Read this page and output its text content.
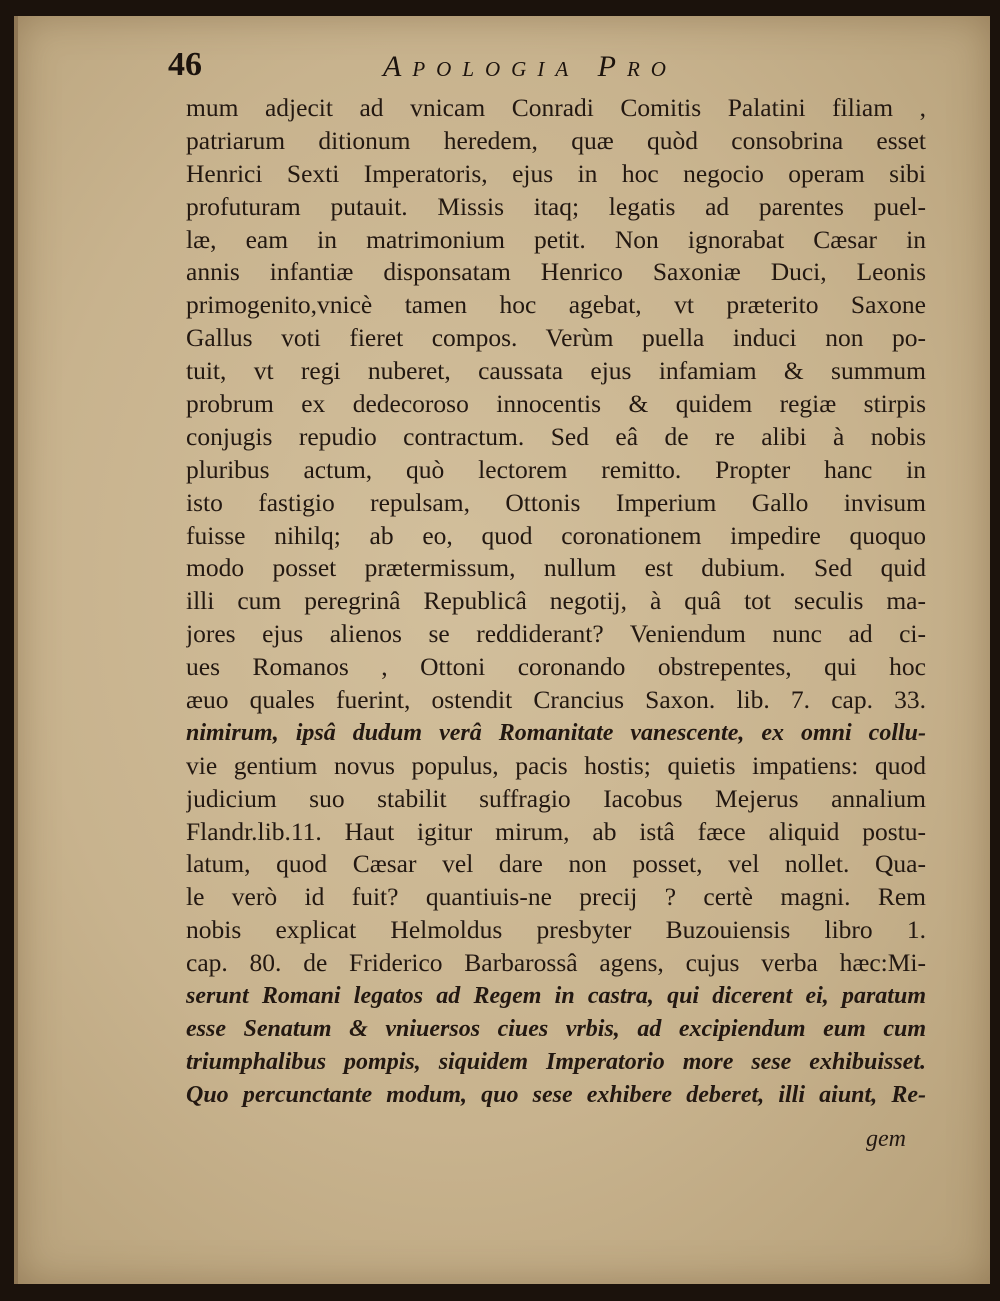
46	Apologia Pro
mum adjecit ad vnicam Conradi Comitis Palatini filiam ,
patriarum ditionum heredem, quæ quòd consobrina esset
Henrici Sexti Imperatoris, ejus in hoc negocio operam sibi
profuturam putauit. Missis itaq; legatis ad parentes puel-
læ, eam in matrimonium petit. Non ignorabat Cæsar in
annis infantiæ disponsatam Henrico Saxoniæ Duci, Leonis
primogenito,vnicè tamen hoc agebat, vt præterito Saxone
Gallus voti fieret compos. Verùm puella induci non po-
tuit, vt regi nuberet, caussata ejus infamiam & summum
probrum ex dedecoroso innocentis & quidem regiæ stirpis
conjugis repudio contractum. Sed eâ de re alibi à nobis
pluribus actum, quò lectorem remitto. Propter hanc in
isto fastigio repulsam, Ottonis Imperium Gallo invisum
fuisse nihilq; ab eo, quod coronationem impedire quoquo
modo posset prætermissum, nullum est dubium. Sed quid
illi cum peregrinâ Republicâ negotij, à quâ tot seculis ma-
jores ejus alienos se reddiderant? Veniendum nunc ad ci-
ues Romanos , Ottoni coronando obstrepentes, qui hoc
æuo quales fuerint, ostendit Crancius Saxon. lib. 7. cap. 33.
nimirum, ipsâ dudum verâ Romanitate vanescente, ex omni collu-
vie gentium novus populus, pacis hostis; quietis impatiens: quod
judicium suo stabilit suffragio Iacobus Mejerus annalium
Flandr.lib.11. Haut igitur mirum, ab istâ fæce aliquid postu-
latum, quod Cæsar vel dare non posset, vel nollet. Qua-
le verò id fuit? quantiuis-ne precij ? certè magni. Rem
nobis explicat Helmoldus presbyter Buzouiensis libro 1.
cap. 80. de Friderico Barbarossâ agens, cujus verba hæc:Mi-
serunt Romani legatos ad Regem in castra, qui dicerent ei, paratum
esse Senatum & vniuersos ciues vrbis, ad excipiendum eum cum
triumphalibus pompis, siquidem Imperatorio more sese exhibuisset.
Quo percunctante modum, quo sese exhibere deberet, illi aiunt, Re-
gem
